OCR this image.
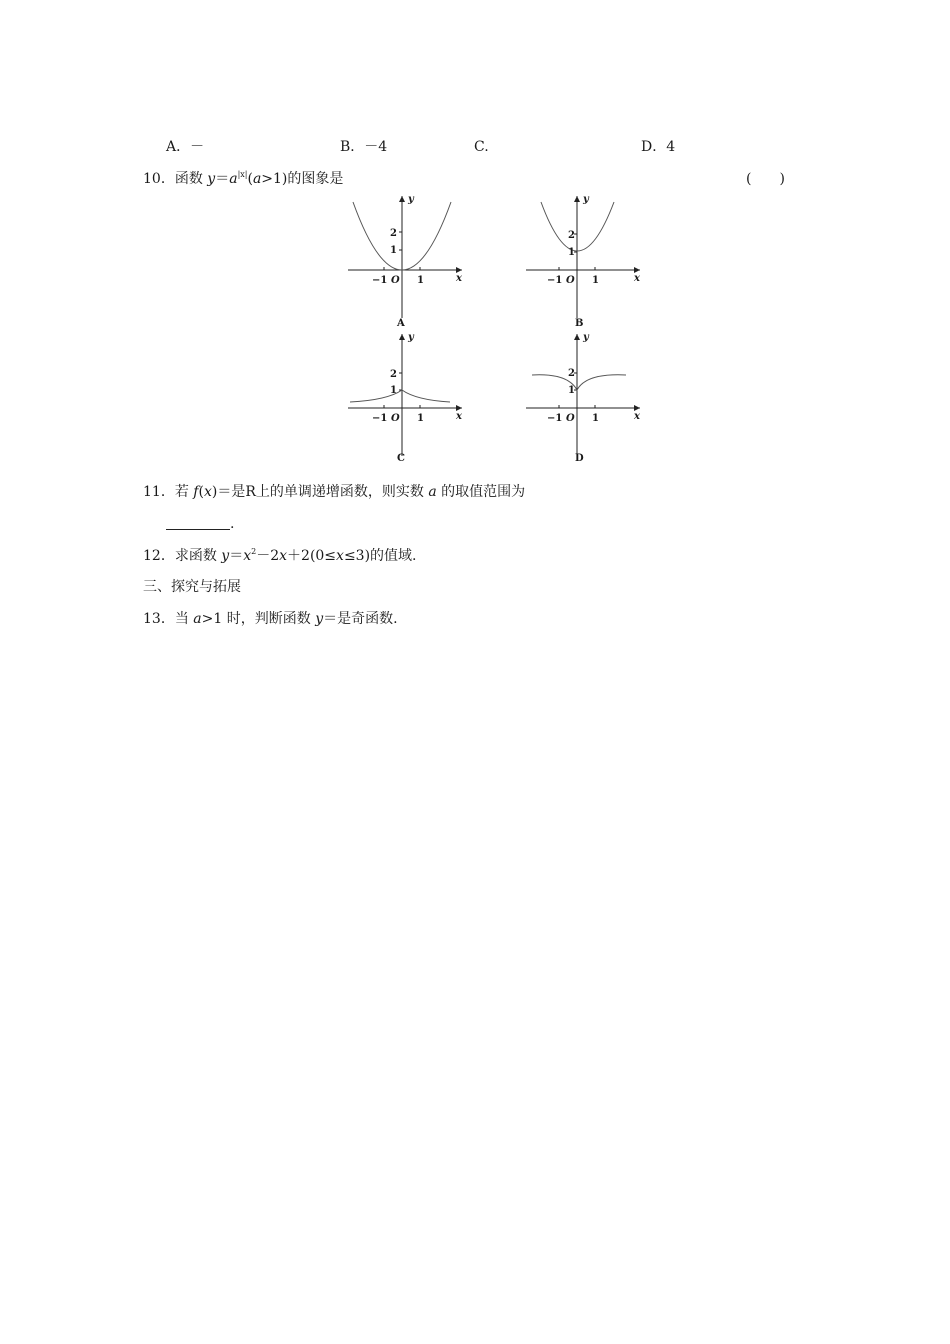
A．－	B．－4	C.	D．4
10．函数 $y=a^{|x|}(a>1)$的图象是	(　　)
y
2
1
−1 O 1	x
A
y
2
1
−1 O 1	x
B
y
2
1
−1 O 1	x
C
y
2
1
−1 O 1	x
D
11．若 f(x)＝是R上的单调递增函数，则实数 a 的取值范围为
.
12．求函数 $y=x^2-2x+2(0\le x\le 3)$的值域.
三、探究与拓展
13．当 a>1 时，判断函数 y＝是奇函数.
